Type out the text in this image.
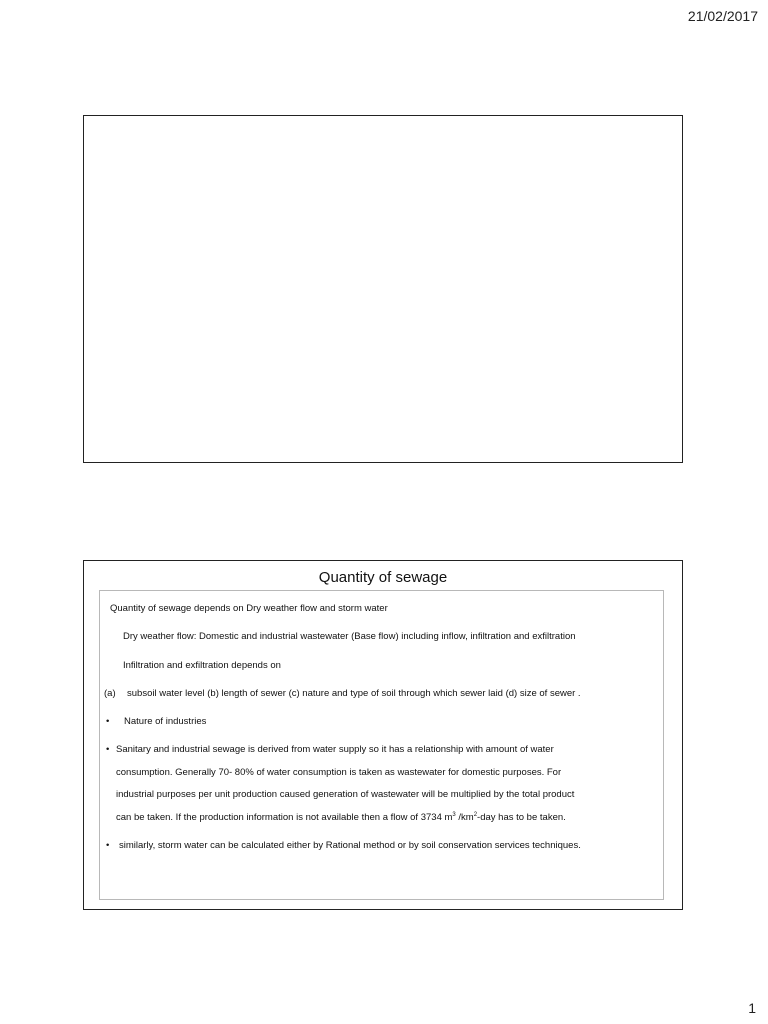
21/02/2017
Quantity of sewage
Quantity of sewage depends on Dry weather flow and storm water
Dry weather flow: Domestic and industrial wastewater (Base flow) including inflow, infiltration and exfiltration
Infiltration and exfiltration depends on
(a) subsoil water level (b) length of sewer (c) nature and type of soil through which sewer laid (d) size of sewer .
• Nature of industries
• Sanitary and industrial sewage is derived from water supply so it has a relationship with amount of water
consumption. Generally 70- 80% of water consumption is taken as wastewater for domestic purposes. For
industrial purposes per unit production caused generation of wastewater will be multiplied by the total product
can be taken. If the production information is not available then a flow of 3734 $m^3$ $/km^2$-day has to be taken.
• similarly, storm water can be calculated either by Rational method or by soil conservation services techniques.
1
